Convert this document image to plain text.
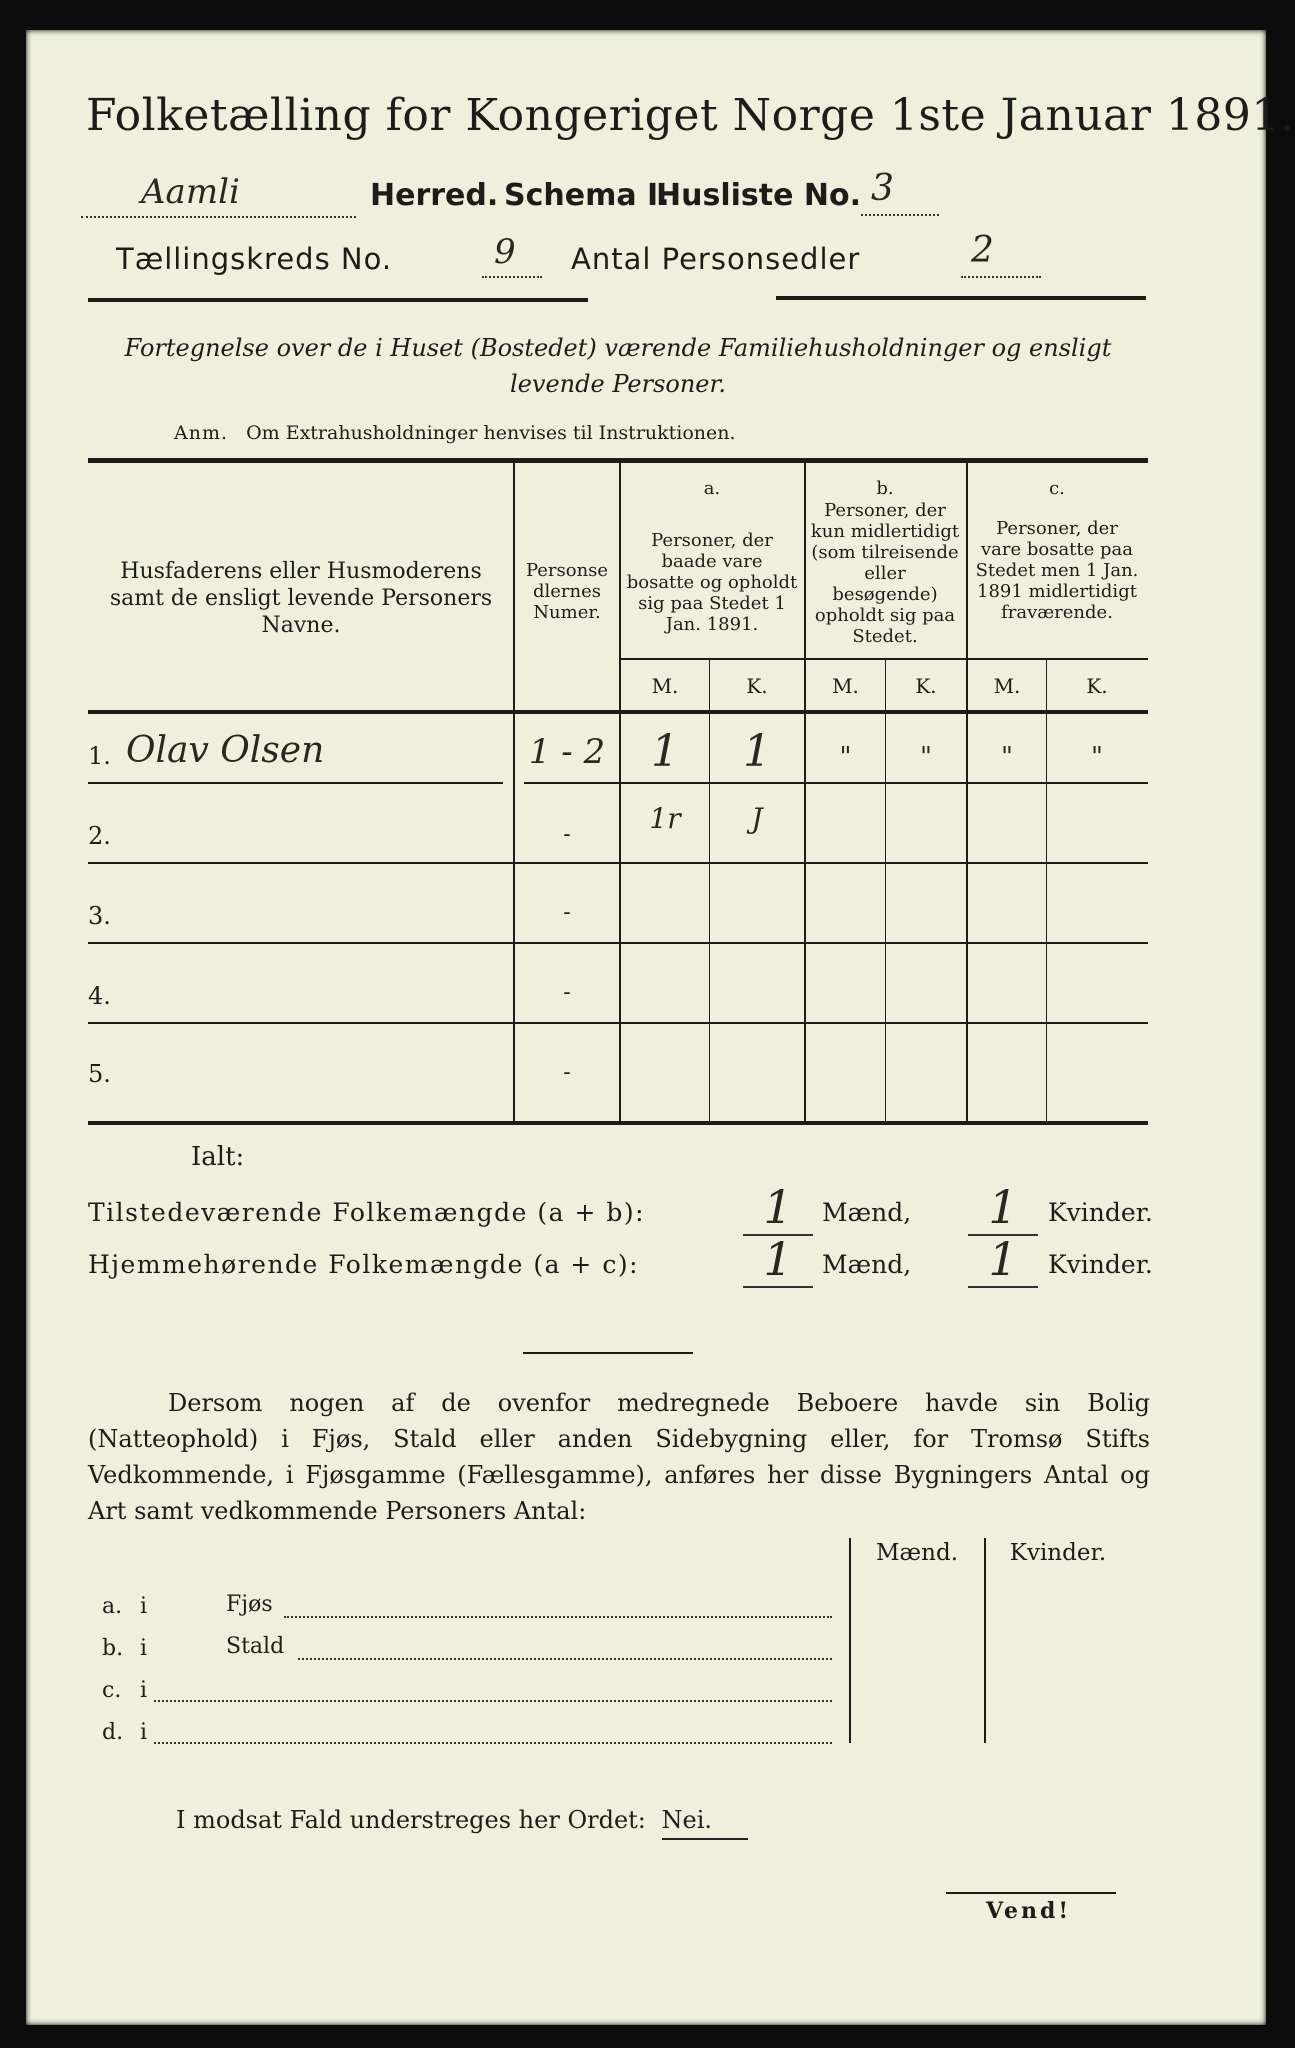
Folketælling for Kongeriget Norge 1ste Januar 1891.
Aamli	Herred. Schema I.
Husliste No. 3
Tællingskreds No.	9 Antal Personsedler	2
Fortegnelse over de i Huset (Bostedet) værende Familiehusholdninger og ensligt levende Personer.
Anm. Om Extrahusholdninger henvises til Instruktionen.
Husfaderens eller Husmoderens samt de ensligt levende Personers Navne.
Personsedlernes Numer.
a.
Personer, der baade vare bosatte og opholdt sig paa Stedet 1 Jan. 1891.
b.
Personer, der kun midlertidigt (som tilreisende eller besøgende) opholdt sig paa Stedet.
c.
Personer, der vare bosatte paa Stedet men 1 Jan. 1891 midlertidigt fraværende.
M.	K.	M.	K.	M.	K.
1. Olav Olsen	1 - 2	1	1	"	"	"	"
2.	-	1r	J
3.	-
4.	-
5.	-
Ialt:
Tilstedeværende Folkemængde (a + b):	1	Mænd,	1	Kvinder.
Hjemmehørende Folkemængde (a + c):	1	Mænd,	1	Kvinder.
Dersom nogen af de ovenfor medregnede Beboere havde sin Bolig (Natteophold) i Fjøs, Stald eller anden Sidebygning eller, for Tromsø Stifts Vedkommende, i Fjøsgamme (Fællesgamme), anføres her disse Bygningers Antal og Art samt vedkommende Personers Antal:
Mænd.	Kvinder.
a. i	Fjøs
b. i	Stald
c. i
d. i
I modsat Fald understreges her Ordet: Nei.
Vend!
